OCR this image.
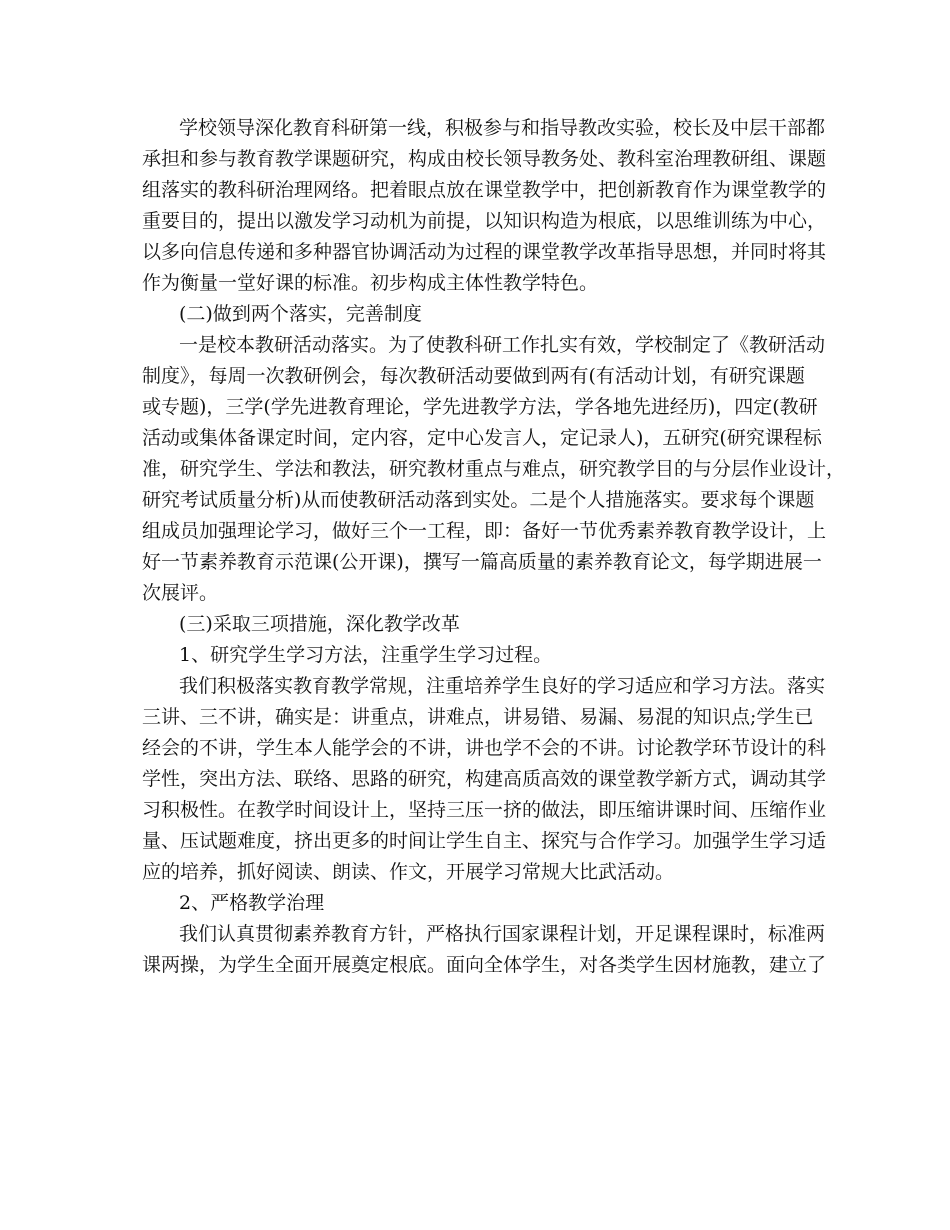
学校领导深化教育科研第一线，积极参与和指导教改实验，校长及中层干部都
承担和参与教育教学课题研究，构成由校长领导教务处、教科室治理教研组、课题
组落实的教科研治理网络。把着眼点放在课堂教学中，把创新教育作为课堂教学的
重要目的，提出以激发学习动机为前提，以知识构造为根底，以思维训练为中心，
以多向信息传递和多种器官协调活动为过程的课堂教学改革指导思想，并同时将其
作为衡量一堂好课的标准。初步构成主体性教学特色。
(二)做到两个落实，完善制度
一是校本教研活动落实。为了使教科研工作扎实有效，学校制定了《教研活动
制度》，每周一次教研例会，每次教研活动要做到两有(有活动计划，有研究课题
或专题)，三学(学先进教育理论，学先进教学方法，学各地先进经历)，四定(教研
活动或集体备课定时间，定内容，定中心发言人，定记录人)，五研究(研究课程标
准，研究学生、学法和教法，研究教材重点与难点，研究教学目的与分层作业设计，
研究考试质量分析)从而使教研活动落到实处。二是个人措施落实。要求每个课题
组成员加强理论学习，做好三个一工程，即：备好一节优秀素养教育教学设计，上
好一节素养教育示范课(公开课)，撰写一篇高质量的素养教育论文，每学期进展一
次展评。
(三)采取三项措施，深化教学改革
1、研究学生学习方法，注重学生学习过程。
我们积极落实教育教学常规，注重培养学生良好的学习适应和学习方法。落实
三讲、三不讲，确实是：讲重点，讲难点，讲易错、易漏、易混的知识点;学生已
经会的不讲，学生本人能学会的不讲，讲也学不会的不讲。讨论教学环节设计的科
学性，突出方法、联络、思路的研究，构建高质高效的课堂教学新方式，调动其学
习积极性。在教学时间设计上，坚持三压一挤的做法，即压缩讲课时间、压缩作业
量、压试题难度，挤出更多的时间让学生自主、探究与合作学习。加强学生学习适
应的培养，抓好阅读、朗读、作文，开展学习常规大比武活动。
2、严格教学治理
我们认真贯彻素养教育方针，严格执行国家课程计划，开足课程课时，标准两
课两操，为学生全面开展奠定根底。面向全体学生，对各类学生因材施教，建立了
